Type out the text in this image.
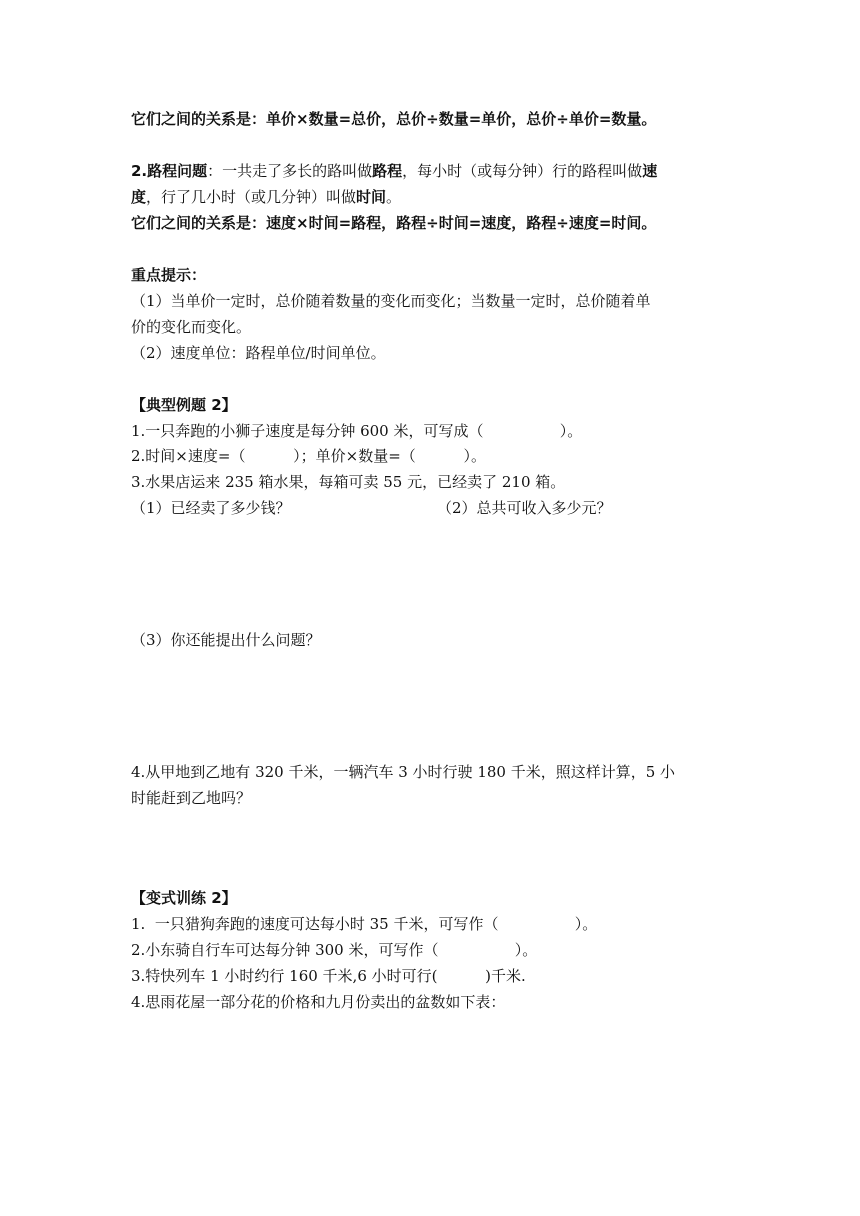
它们之间的关系是：单价×数量=总价，总价÷数量=单价，总价÷单价=数量。
2.路程问题：一共走了多长的路叫做路程，每小时（或每分钟）行的路程叫做速
度，行了几小时（或几分钟）叫做时间。
它们之间的关系是：速度×时间=路程，路程÷时间=速度，路程÷速度=时间。
重点提示：
（1）当单价一定时，总价随着数量的变化而变化；当数量一定时，总价随着单
价的变化而变化。
（2）速度单位：路程单位/时间单位。
【典型例题 2】
1.一只奔跑的小狮子速度是每分钟 600 米，可写成（                ）。
2.时间×速度=（          ）；单价×数量=（          ）。
3.水果店运来 235 箱水果，每箱可卖 55 元，已经卖了 210 箱。
（1）已经卖了多少钱？	（2）总共可收入多少元？
（3）你还能提出什么问题？
4.从甲地到乙地有 320 千米，一辆汽车 3 小时行驶 180 千米，照这样计算，5 小
时能赶到乙地吗？
【变式训练 2】
1.  一只猎狗奔跑的速度可达每小时 35 千米，可写作（                ）。
2.小东骑自行车可达每分钟 300 米，可写作（                ）。
3.特快列车 1 小时约行 160 千米,6 小时可行(          )千米.
4.思雨花屋一部分花的价格和九月份卖出的盆数如下表：
